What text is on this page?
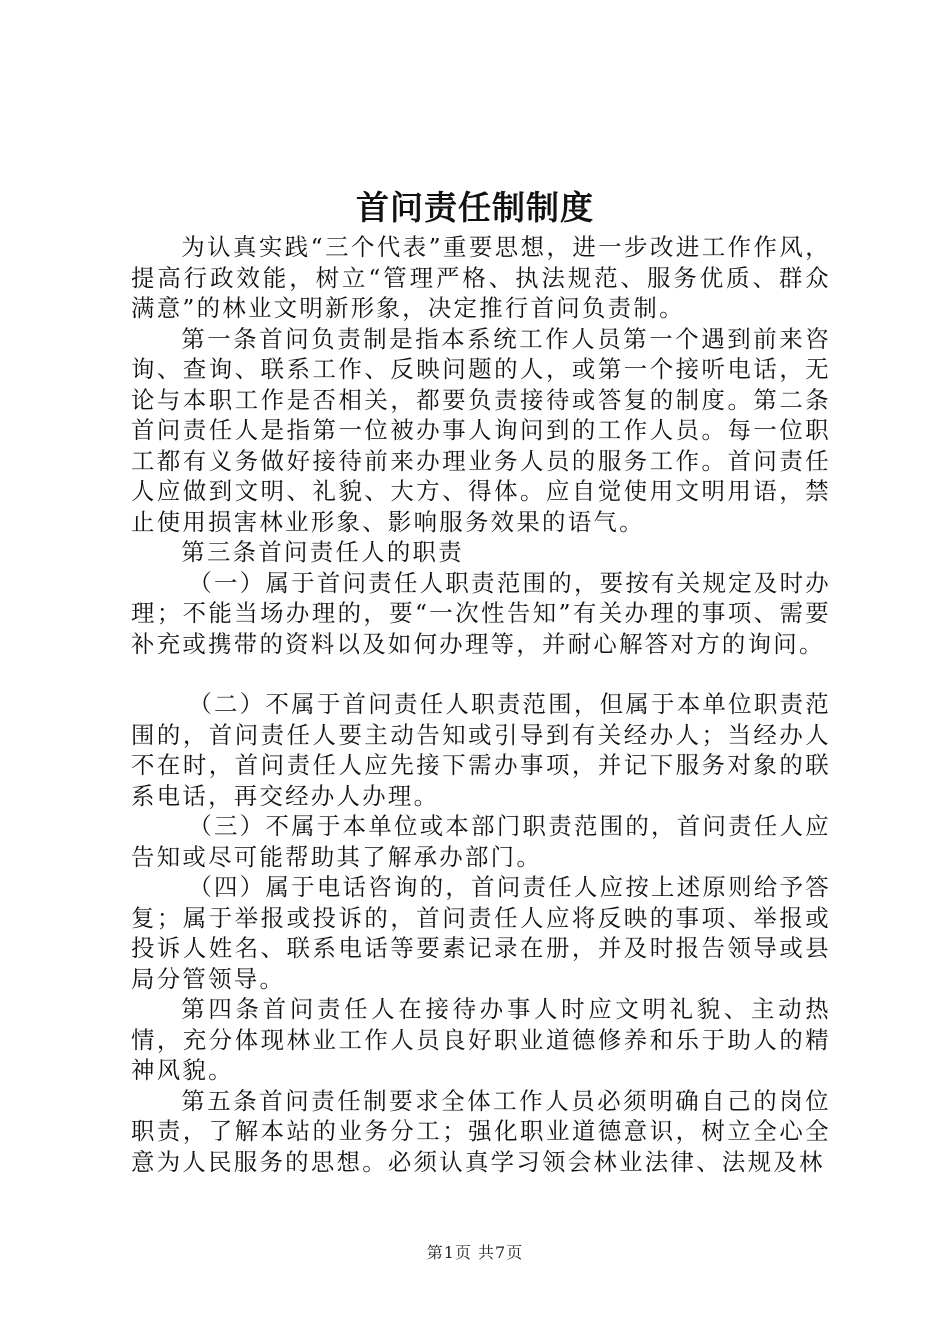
首问责任制制度

为认真实践“三个代表”重要思想，进一步改进工作作风，提高行政效能，树立“管理严格、执法规范、服务优质、群众满意”的林业文明新形象，决定推行首问负责制。

第一条首问负责制是指本系统工作人员第一个遇到前来咨询、查询、联系工作、反映问题的人，或第一个接听电话，无论与本职工作是否相关，都要负责接待或答复的制度。第二条首问责任人是指第一位被办事人询问到的工作人员。每一位职工都有义务做好接待前来办理业务人员的服务工作。首问责任人应做到文明、礼貌、大方、得体。应自觉使用文明用语，禁止使用损害林业形象、影响服务效果的语气。

第三条首问责任人的职责

（一）属于首问责任人职责范围的，要按有关规定及时办理；不能当场办理的，要“一次性告知”有关办理的事项、需要补充或携带的资料以及如何办理等，并耐心解答对方的询问。

（二）不属于首问责任人职责范围，但属于本单位职责范围的，首问责任人要主动告知或引导到有关经办人；当经办人不在时，首问责任人应先接下需办事项，并记下服务对象的联系电话，再交经办人办理。

（三）不属于本单位或本部门职责范围的，首问责任人应告知或尽可能帮助其了解承办部门。

（四）属于电话咨询的，首问责任人应按上述原则给予答复；属于举报或投诉的，首问责任人应将反映的事项、举报或投诉人姓名、联系电话等要素记录在册，并及时报告领导或县局分管领导。

第四条首问责任人在接待办事人时应文明礼貌、主动热情，充分体现林业工作人员良好职业道德修养和乐于助人的精神风貌。

第五条首问责任制要求全体工作人员必须明确自己的岗位职责，了解本站的业务分工；强化职业道德意识，树立全心全意为人民服务的思想。必须认真学习领会林业法律、法规及林

第1页 共7页
